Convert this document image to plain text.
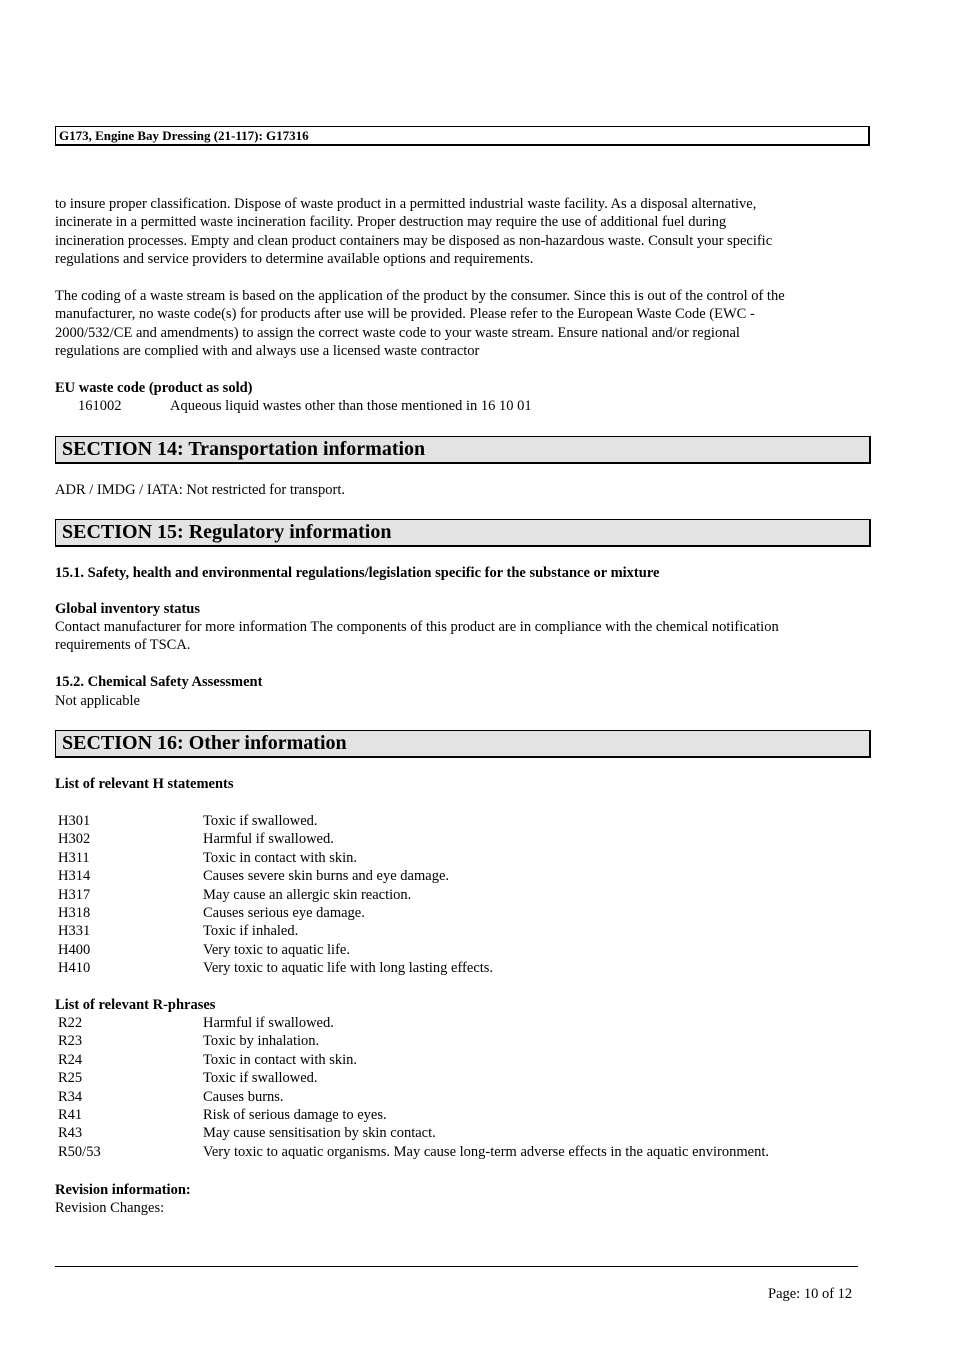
G173, Engine Bay Dressing (21-117): G17316
to insure proper classification. Dispose of waste product in a permitted industrial waste facility. As a disposal alternative,
incinerate in a permitted waste incineration facility. Proper destruction may require the use of additional fuel during
incineration processes. Empty and clean product containers may be disposed as non-hazardous waste. Consult your specific
regulations and service providers to determine available options and requirements.
The coding of a waste stream is based on the application of the product by the consumer. Since this is out of the control of the
manufacturer, no waste code(s) for products after use will be provided. Please refer to the European Waste Code (EWC -
2000/532/CE and amendments) to assign the correct waste code to your waste stream. Ensure national and/or regional
regulations are complied with and always use a licensed waste contractor
EU waste code (product as sold)
161002	Aqueous liquid wastes other than those mentioned in 16 10 01
SECTION 14: Transportation information
ADR / IMDG / IATA: Not restricted for transport.
SECTION 15: Regulatory information
15.1. Safety, health and environmental regulations/legislation specific for the substance or mixture
Global inventory status
Contact manufacturer for more information The components of this product are in compliance with the chemical notification
requirements of TSCA.
15.2. Chemical Safety Assessment
Not applicable
SECTION 16: Other information
List of relevant H statements
H301	Toxic if swallowed.
H302	Harmful if swallowed.
H311	Toxic in contact with skin.
H314	Causes severe skin burns and eye damage.
H317	May cause an allergic skin reaction.
H318	Causes serious eye damage.
H331	Toxic if inhaled.
H400	Very toxic to aquatic life.
H410	Very toxic to aquatic life with long lasting effects.
List of relevant R-phrases
R22	Harmful if swallowed.
R23	Toxic by inhalation.
R24	Toxic in contact with skin.
R25	Toxic if swallowed.
R34	Causes burns.
R41	Risk of serious damage to eyes.
R43	May cause sensitisation by skin contact.
R50/53	Very toxic to aquatic organisms. May cause long-term adverse effects in the aquatic environment.
Revision information:
Revision Changes:
Page: 10 of 12
